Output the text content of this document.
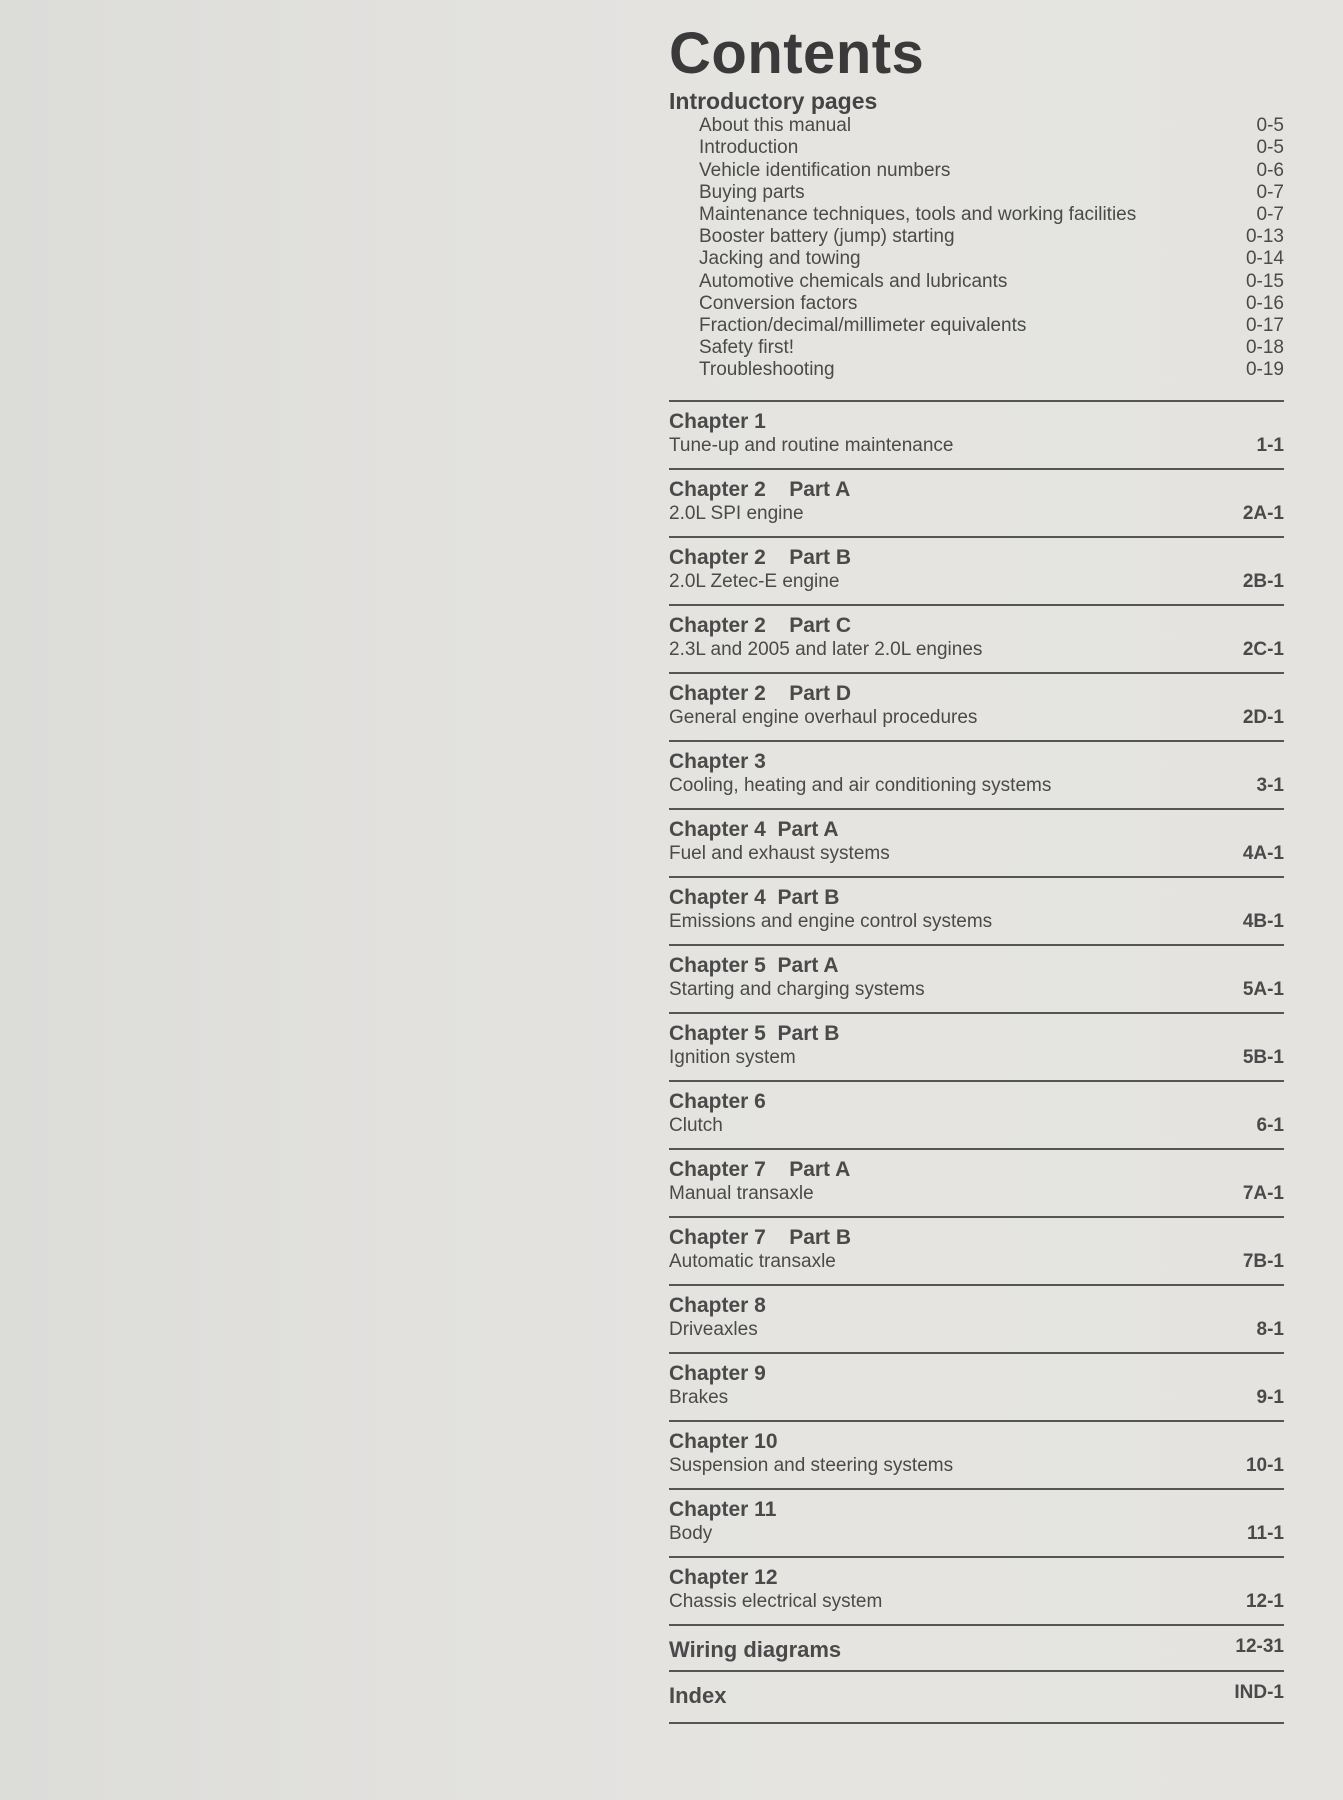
Contents
Introductory pages
About this manual	0-5
Introduction	0-5
Vehicle identification numbers	0-6
Buying parts	0-7
Maintenance techniques, tools and working facilities	0-7
Booster battery (jump) starting	0-13
Jacking and towing	0-14
Automotive chemicals and lubricants	0-15
Conversion factors	0-16
Fraction/decimal/millimeter equivalents	0-17
Safety first!	0-18
Troubleshooting	0-19
Chapter 1
Tune-up and routine maintenance	1-1
Chapter 2    Part A
2.0L SPI engine	2A-1
Chapter 2    Part B
2.0L Zetec-E engine	2B-1
Chapter 2    Part C
2.3L and 2005 and later 2.0L engines	2C-1
Chapter 2    Part D
General engine overhaul procedures	2D-1
Chapter 3
Cooling, heating and air conditioning systems	3-1
Chapter 4  Part A
Fuel and exhaust systems	4A-1
Chapter 4  Part B
Emissions and engine control systems	4B-1
Chapter 5  Part A
Starting and charging systems	5A-1
Chapter 5  Part B
Ignition system	5B-1
Chapter 6
Clutch	6-1
Chapter 7    Part A
Manual transaxle	7A-1
Chapter 7    Part B
Automatic transaxle	7B-1
Chapter 8
Driveaxles	8-1
Chapter 9
Brakes	9-1
Chapter 10
Suspension and steering systems	10-1
Chapter 11
Body	11-1
Chapter 12
Chassis electrical system	12-1
Wiring diagrams	12-31
Index	IND-1
